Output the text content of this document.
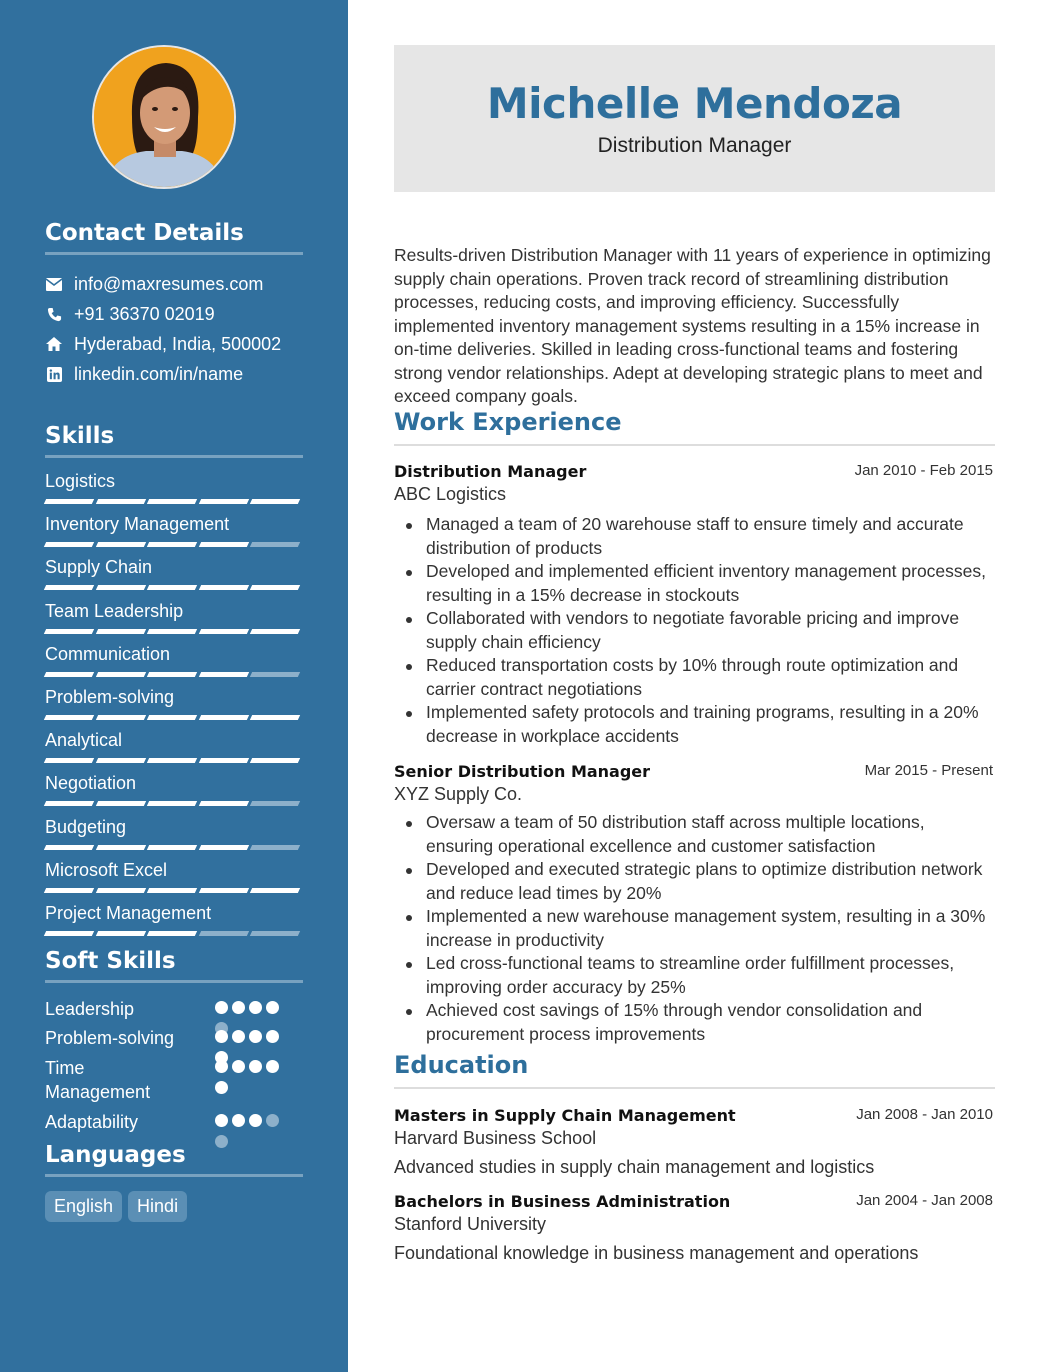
Contact Details
info@maxresumes.com
+91 36370 02019
Hyderabad, India, 500002
linkedin.com/in/name
Skills
Logistics
Inventory Management
Supply Chain
Team Leadership
Communication
Problem-solving
Analytical
Negotiation
Budgeting
Microsoft Excel
Project Management
Soft Skills
Leadership
Problem-solving
Time Management
Adaptability
Languages
English	Hindi
Michelle Mendoza
Distribution Manager
Results-driven Distribution Manager with 11 years of experience in optimizing supply chain operations. Proven track record of streamlining distribution processes, reducing costs, and improving efficiency. Successfully implemented inventory management systems resulting in a 15% increase in on-time deliveries. Skilled in leading cross-functional teams and fostering strong vendor relationships. Adept at developing strategic plans to meet and exceed company goals.
Work Experience
Distribution Manager	Jan 2010 - Feb 2015
ABC Logistics
Managed a team of 20 warehouse staff to ensure timely and accurate distribution of products
Developed and implemented efficient inventory management processes, resulting in a 15% decrease in stockouts
Collaborated with vendors to negotiate favorable pricing and improve supply chain efficiency
Reduced transportation costs by 10% through route optimization and carrier contract negotiations
Implemented safety protocols and training programs, resulting in a 20% decrease in workplace accidents
Senior Distribution Manager	Mar 2015 - Present
XYZ Supply Co.
Oversaw a team of 50 distribution staff across multiple locations, ensuring operational excellence and customer satisfaction
Developed and executed strategic plans to optimize distribution network and reduce lead times by 20%
Implemented a new warehouse management system, resulting in a 30% increase in productivity
Led cross-functional teams to streamline order fulfillment processes, improving order accuracy by 25%
Achieved cost savings of 15% through vendor consolidation and procurement process improvements
Education
Masters in Supply Chain Management	Jan 2008 - Jan 2010
Harvard Business School
Advanced studies in supply chain management and logistics
Bachelors in Business Administration	Jan 2004 - Jan 2008
Stanford University
Foundational knowledge in business management and operations
